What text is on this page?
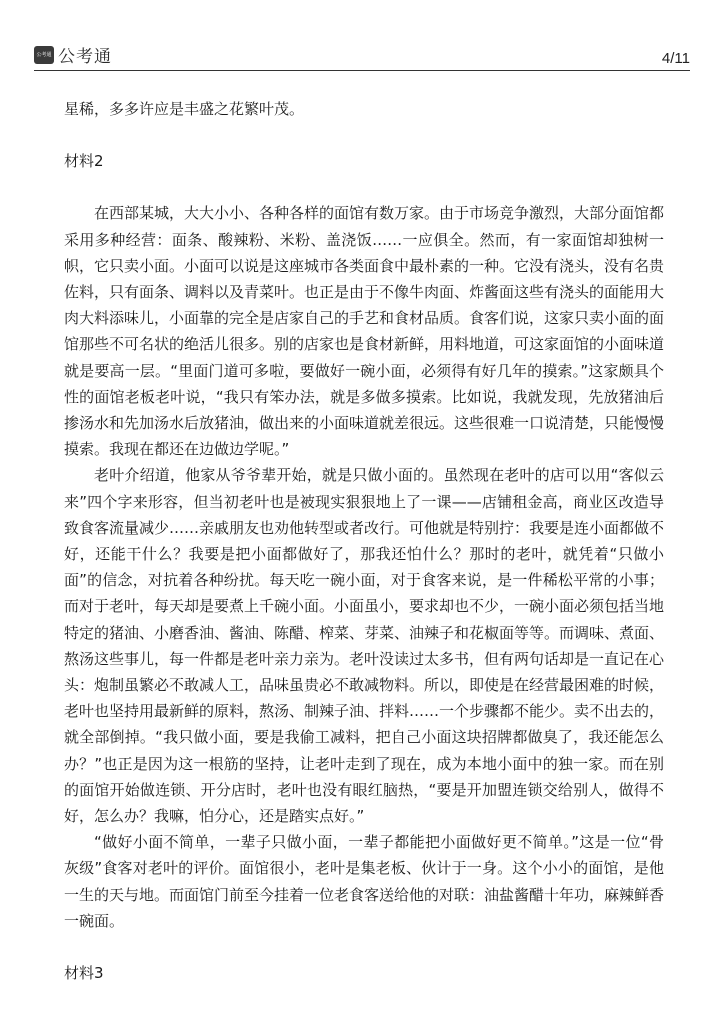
公考通 公考通	4/11

星稀，多多许应是丰盛之花繁叶茂。

材料2

在西部某城，大大小小、各种各样的面馆有数万家。由于市场竞争激烈，大部分面馆都采用多种经营：面条、酸辣粉、米粉、盖浇饭……一应俱全。然而，有一家面馆却独树一帜，它只卖小面。小面可以说是这座城市各类面食中最朴素的一种。它没有浇头，没有名贵佐料，只有面条、调料以及青菜叶。也正是由于不像牛肉面、炸酱面这些有浇头的面能用大肉大料添味儿，小面靠的完全是店家自己的手艺和食材品质。食客们说，这家只卖小面的面馆那些不可名状的绝活儿很多。别的店家也是食材新鲜，用料地道，可这家面馆的小面味道就是要高一层。“里面门道可多啦，要做好一碗小面，必须得有好几年的摸索。”这家颇具个性的面馆老板老叶说，“我只有笨办法，就是多做多摸索。比如说，我就发现，先放猪油后掺汤水和先加汤水后放猪油，做出来的小面味道就差很远。这些很难一口说清楚，只能慢慢摸索。我现在都还在边做边学呢。”

老叶介绍道，他家从爷爷辈开始，就是只做小面的。虽然现在老叶的店可以用“客似云来”四个字来形容，但当初老叶也是被现实狠狠地上了一课——店铺租金高，商业区改造导致食客流量减少……亲戚朋友也劝他转型或者改行。可他就是特别拧：我要是连小面都做不好，还能干什么？我要是把小面都做好了，那我还怕什么？那时的老叶，就凭着“只做小面”的信念，对抗着各种纷扰。每天吃一碗小面，对于食客来说，是一件稀松平常的小事；而对于老叶，每天却是要煮上千碗小面。小面虽小，要求却也不少，一碗小面必须包括当地特定的猪油、小磨香油、酱油、陈醋、榨菜、芽菜、油辣子和花椒面等等。而调味、煮面、熬汤这些事儿，每一件都是老叶亲力亲为。老叶没读过太多书，但有两句话却是一直记在心头：炮制虽繁必不敢减人工，品味虽贵必不敢减物料。所以，即使是在经营最困难的时候，老叶也坚持用最新鲜的原料，熬汤、制辣子油、拌料……一个步骤都不能少。卖不出去的，就全部倒掉。“我只做小面，要是我偷工减料，把自己小面这块招牌都做臭了，我还能怎么办？”也正是因为这一根筋的坚持，让老叶走到了现在，成为本地小面中的独一家。而在别的面馆开始做连锁、开分店时，老叶也没有眼红脑热，“要是开加盟连锁交给别人，做得不好，怎么办？我嘛，怕分心，还是踏实点好。”

“做好小面不简单，一辈子只做小面，一辈子都能把小面做好更不简单。”这是一位“骨灰级”食客对老叶的评价。面馆很小，老叶是集老板、伙计于一身。这个小小的面馆，是他一生的天与地。而面馆门前至今挂着一位老食客送给他的对联：油盐酱醋十年功，麻辣鲜香一碗面。

材料3
